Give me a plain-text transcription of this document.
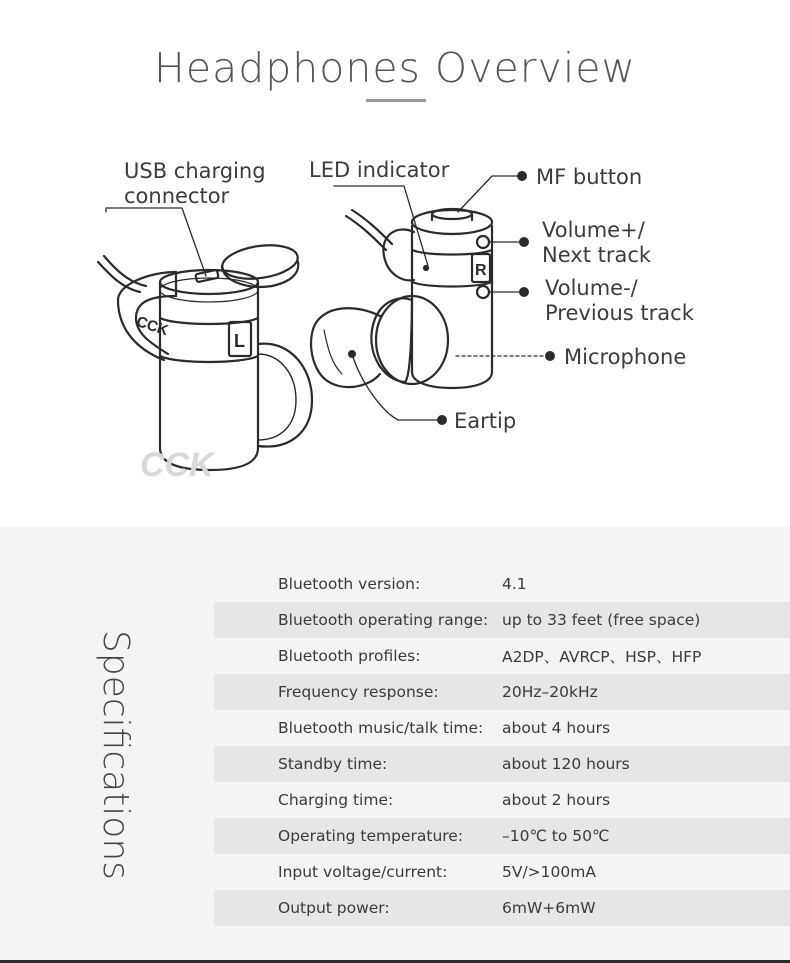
Headphones Overview
CCK
L
R
CCK
USB charging
connector
LED indicator	MF button
Volume+/
Next track
Volume-/
Previous track
Microphone
Eartip
Specifications
Bluetooth version:	4.1
Bluetooth operating range: up to 33 feet (free space)
Bluetooth profiles:	A2DP、AVRCP、HSP、HFP
Frequency response:	20Hz–20kHz
Bluetooth music/talk time: about 4 hours
Standby time:	about 120 hours
Charging time:	about 2 hours
Operating temperature:	–10℃ to 50℃
Input voltage/current:	5V/>100mA
Output power:	6mW+6mW
